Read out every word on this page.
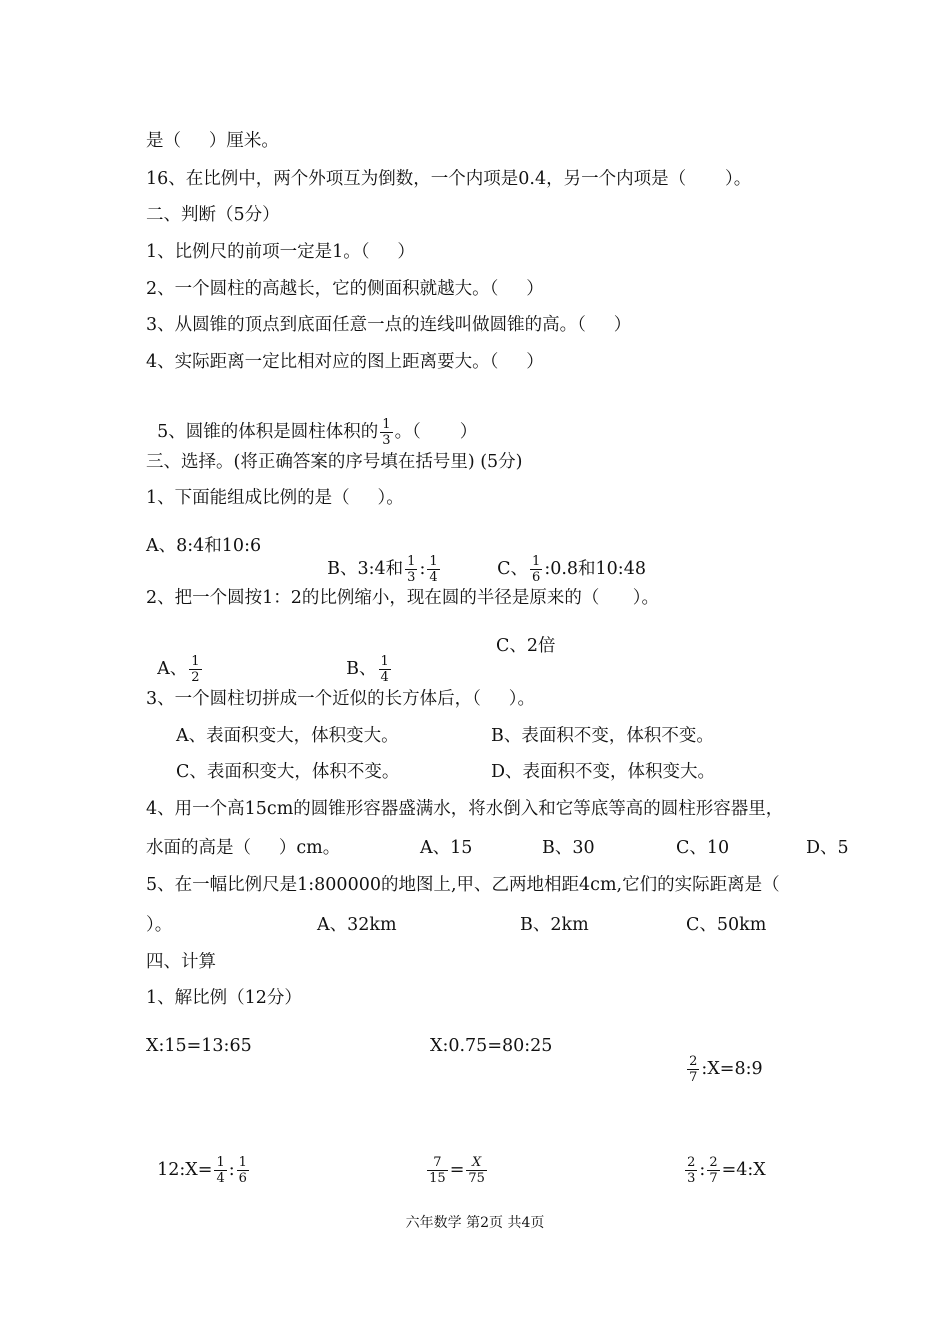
是（     ）厘米。
16、在比例中，两个外项互为倒数，一个内项是0.4，另一个内项是（       ）。
二、判断（5分）
1、比例尺的前项一定是1。（     ）
2、一个圆柱的高越长，它的侧面积就越大。（     ）
3、从圆锥的顶点到底面任意一点的连线叫做圆锥的高。（     ）
4、实际距离一定比相对应的图上距离要大。（     ）

5、圆锥的体积是圆柱体积的 $\frac{1}{3}$ 。（       ）

三、选择。(将正确答案的序号填在括号里) (5分)
1、下面能组成比例的是（     ）。
A、8:4和10:6

B、3:4和 $\frac{1}{3}$ : $\frac{1}{4}$	C、 $\frac{1}{6}$ :0.8和10:48

2、把一个圆按1：2的比例缩小，现在圆的半径是原来的（      ）。

A、 $\frac{1}{2}$	B、 $\frac{1}{4}$

C、2倍
3、一个圆柱切拼成一个近似的长方体后，（     ）。
A、表面积变大，体积变大。	B、表面积不变，体积不变。
C、表面积变大，体积不变。	D、表面积不变，体积变大。
4、用一个高15cm的圆锥形容器盛满水，将水倒入和它等底等高的圆柱形容器里，
水面的高是（     ）cm。	A、15	B、30	C、10	D、5
5、在一幅比例尺是1:800000的地图上,甲、乙两地相距4cm,它们的实际距离是（
）。	A、32km	B、2km	C、50km
四、计算
1、解比例（12分）
X:15=13:65	X:0.75=80:25

$\frac{2}{7}$ :X=8:9

12:X= $\frac{1}{4}$ : $\frac{1}{6}$

	$\frac{7}{15} = \frac{X}{75}$

	$\frac{2}{3}$ : $\frac{2}{7}$ =4:X

六年数学 第2页 共4页
